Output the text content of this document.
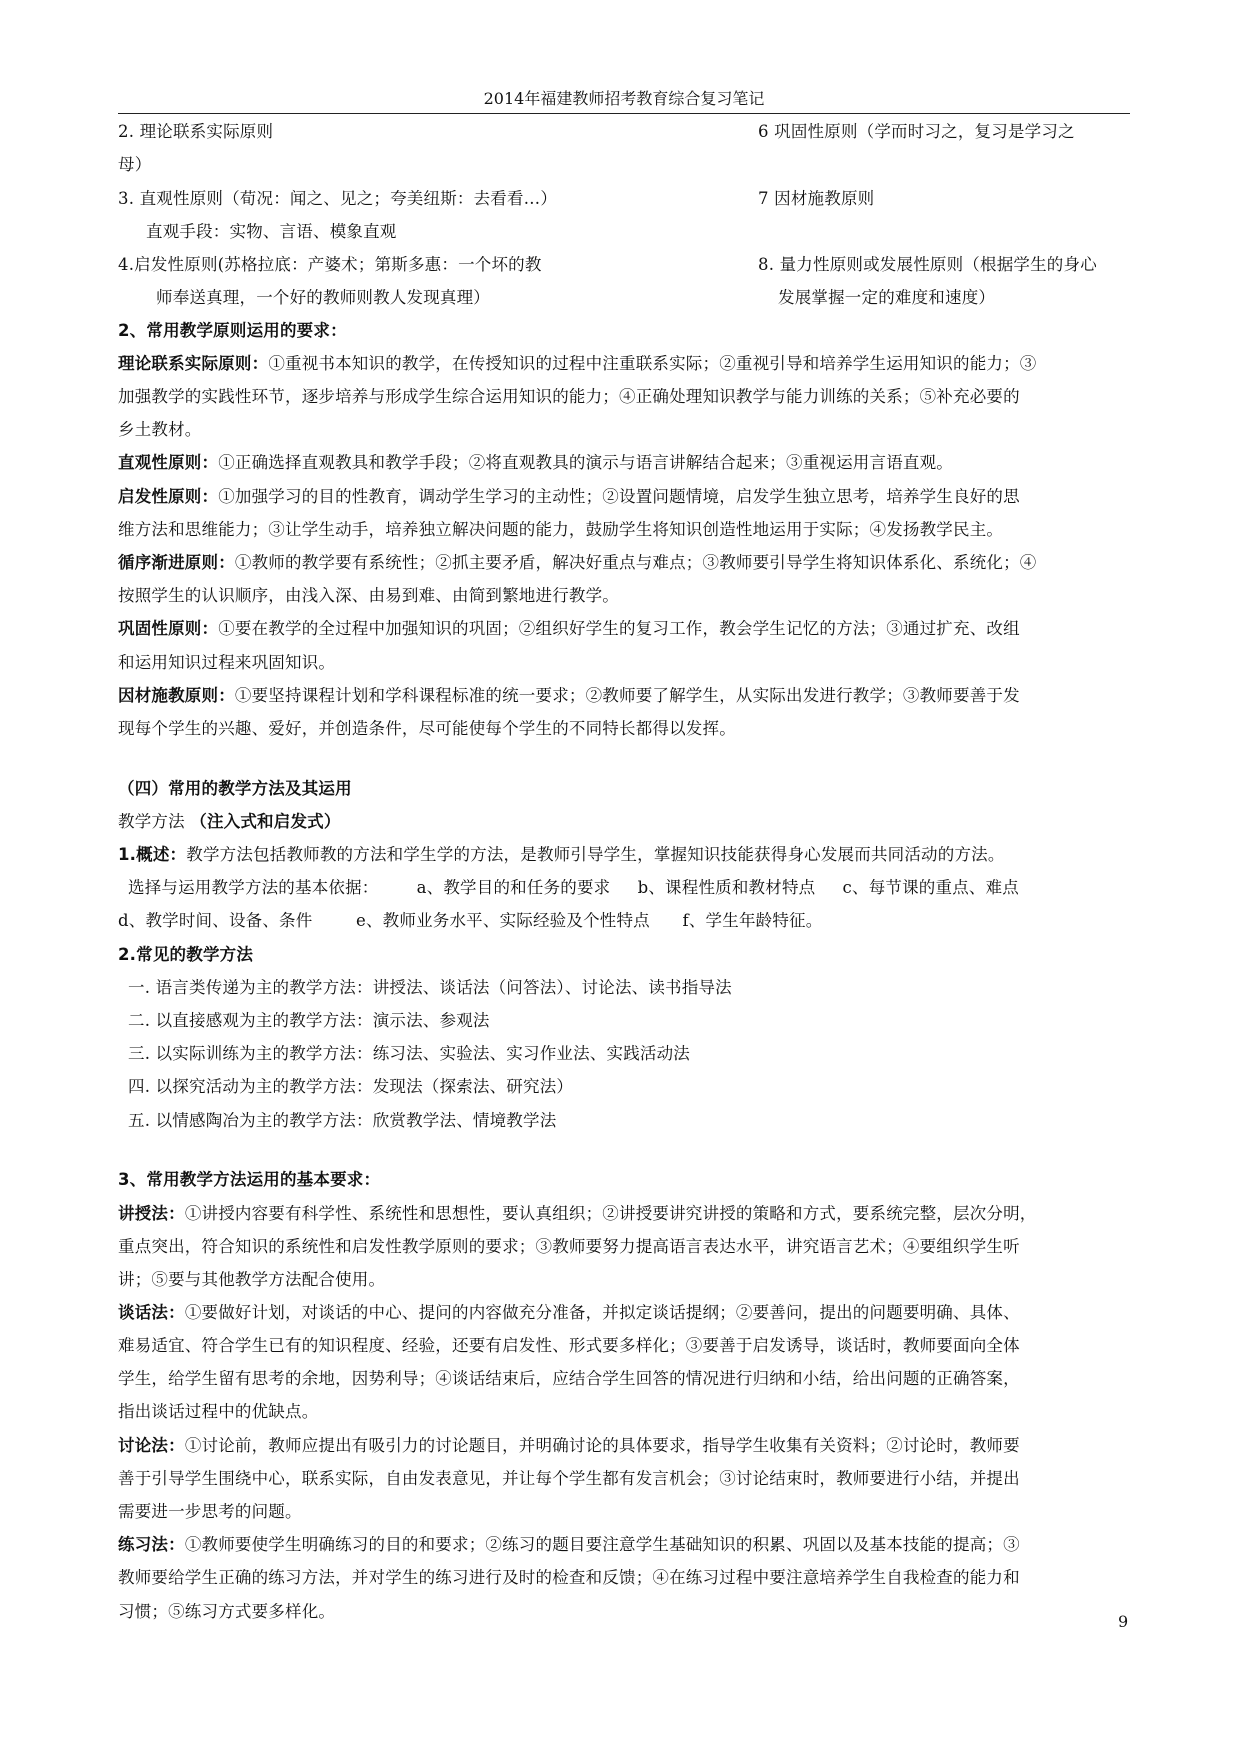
2014年福建教师招考教育综合复习笔记
2. 理论联系实际原则	6 巩固性原则（学而时习之，复习是学习之
母）
3. 直观性原则（荀况：闻之、见之；夸美纽斯：去看看…）	7 因材施教原则
直观手段：实物、言语、模象直观
4.启发性原则(苏格拉底：产婆术；第斯多惠：一个坏的教	8. 量力性原则或发展性原则（根据学生的身心
师奉送真理，一个好的教师则教人发现真理）	发展掌握一定的难度和速度）
2、常用教学原则运用的要求：
理论联系实际原则：①重视书本知识的教学，在传授知识的过程中注重联系实际；②重视引导和培养学生运用知识的能力；③
加强教学的实践性环节，逐步培养与形成学生综合运用知识的能力；④正确处理知识教学与能力训练的关系；⑤补充必要的
乡土教材。
直观性原则：①正确选择直观教具和教学手段；②将直观教具的演示与语言讲解结合起来；③重视运用言语直观。
启发性原则：①加强学习的目的性教育，调动学生学习的主动性；②设置问题情境，启发学生独立思考，培养学生良好的思
维方法和思维能力；③让学生动手，培养独立解决问题的能力，鼓励学生将知识创造性地运用于实际；④发扬教学民主。
循序渐进原则：①教师的教学要有系统性；②抓主要矛盾，解决好重点与难点；③教师要引导学生将知识体系化、系统化；④
按照学生的认识顺序，由浅入深、由易到难、由简到繁地进行教学。
巩固性原则：①要在教学的全过程中加强知识的巩固；②组织好学生的复习工作，教会学生记忆的方法；③通过扩充、改组
和运用知识过程来巩固知识。
因材施教原则：①要坚持课程计划和学科课程标准的统一要求；②教师要了解学生，从实际出发进行教学；③教师要善于发
现每个学生的兴趣、爱好，并创造条件，尽可能使每个学生的不同特长都得以发挥。
（四）常用的教学方法及其运用
教学方法 （注入式和启发式）
1.概述：教学方法包括教师教的方法和学生学的方法，是教师引导学生，掌握知识技能获得身心发展而共同活动的方法。
选择与运用教学方法的基本依据：       a、教学目的和任务的要求     b、课程性质和教材特点     c、每节课的重点、难点
d、教学时间、设备、条件        e、教师业务水平、实际经验及个性特点      f、学生年龄特征。
2.常见的教学方法
一. 语言类传递为主的教学方法：讲授法、谈话法（问答法）、讨论法、读书指导法
二. 以直接感观为主的教学方法：演示法、参观法
三. 以实际训练为主的教学方法：练习法、实验法、实习作业法、实践活动法
四. 以探究活动为主的教学方法：发现法（探索法、研究法）
五. 以情感陶冶为主的教学方法：欣赏教学法、情境教学法
3、常用教学方法运用的基本要求：
讲授法：①讲授内容要有科学性、系统性和思想性，要认真组织；②讲授要讲究讲授的策略和方式，要系统完整，层次分明，
重点突出，符合知识的系统性和启发性教学原则的要求；③教师要努力提高语言表达水平，讲究语言艺术；④要组织学生听
讲；⑤要与其他教学方法配合使用。
谈话法：①要做好计划，对谈话的中心、提问的内容做充分准备，并拟定谈话提纲；②要善问，提出的问题要明确、具体、
难易适宜、符合学生已有的知识程度、经验，还要有启发性、形式要多样化；③要善于启发诱导，谈话时，教师要面向全体
学生，给学生留有思考的余地，因势利导；④谈话结束后，应结合学生回答的情况进行归纳和小结，给出问题的正确答案，
指出谈话过程中的优缺点。
讨论法：①讨论前，教师应提出有吸引力的讨论题目，并明确讨论的具体要求，指导学生收集有关资料；②讨论时，教师要
善于引导学生围绕中心，联系实际，自由发表意见，并让每个学生都有发言机会；③讨论结束时，教师要进行小结，并提出
需要进一步思考的问题。
练习法：①教师要使学生明确练习的目的和要求；②练习的题目要注意学生基础知识的积累、巩固以及基本技能的提高；③
教师要给学生正确的练习方法，并对学生的练习进行及时的检查和反馈；④在练习过程中要注意培养学生自我检查的能力和
习惯；⑤练习方式要多样化。
9
